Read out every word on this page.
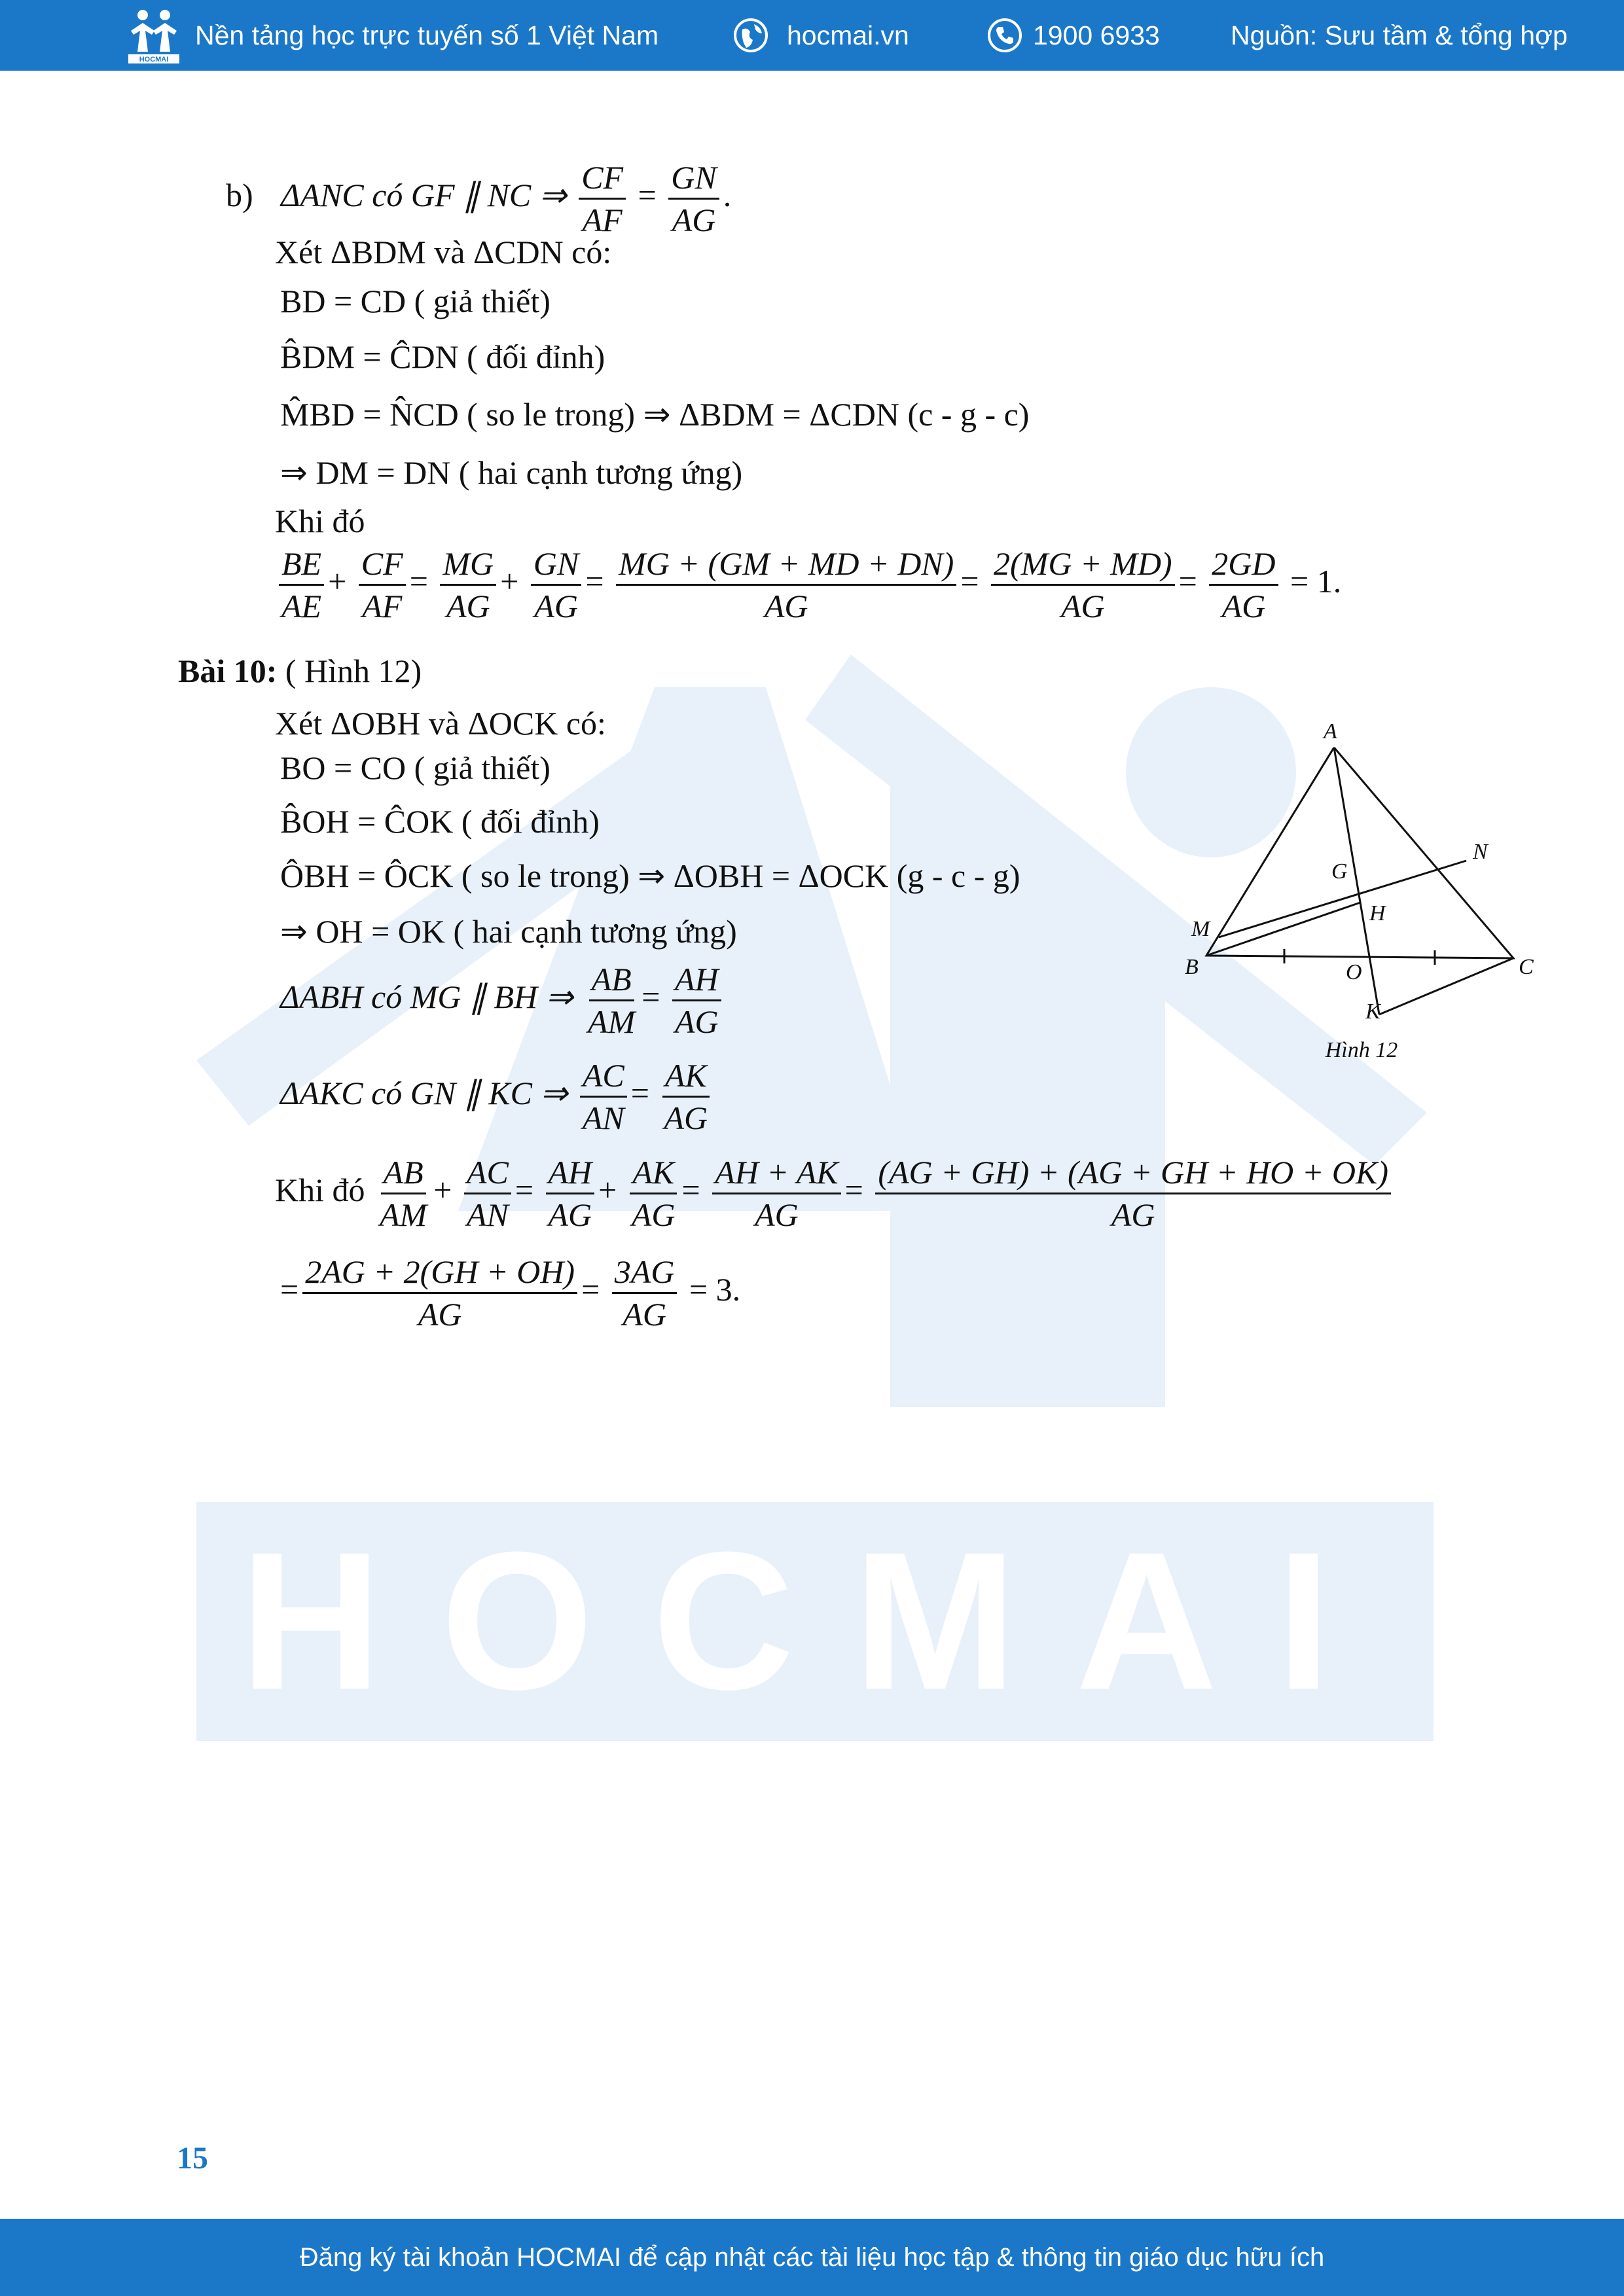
HOCMAI
HOCMAI
Nền tảng học trực tuyến số 1 Việt Nam	hocmai.vn	1900 6933	Nguồn: Sưu tầm & tổng hợp
b) ΔANC có GF ∥ NC ⇒ $\frac{CF}{AF} = \frac{GN}{AG}$ .
Xét ΔBDM và ΔCDN có:
BD = CD ( giả thiết)
B̂DM = ĈDN ( đối đỉnh)
M̂BD = N̂CD ( so le trong) ⇒ ΔBDM = ΔCDN (c - g - c)
⇒ DM = DN ( hai cạnh tương ứng)
Khi đó
$\frac{BE}{AE} + \frac{CF}{AF} = \frac{MG}{AG} + \frac{GN}{AG} = \frac{MG + (GM + MD + DN)}{AG} = \frac{2(MG + MD)}{AG} = \frac{2GD}{AG} = 1$.
Bài 10: ( Hình 12)
Xét ΔOBH và ΔOCK có:
BO = CO ( giả thiết)
B̂OH = ĈOK ( đối đỉnh)
ÔBH = ÔCK ( so le trong) ⇒ ΔOBH = ΔOCK (g - c - g)
⇒ OH = OK ( hai cạnh tương ứng)
ΔABH có MG ∥ BH ⇒ $\frac{AB}{AM} = \frac{AH}{AG}$
ΔAKC có GN ∥ KC ⇒ $\frac{AC}{AN} = \frac{AK}{AG}$
Khi đó $\frac{AB}{AM} + \frac{AC}{AN} = \frac{AH}{AG} + \frac{AK}{AG} = \frac{AH + AK}{AG} = \frac{(AG + GH) + (AG + GH + HO + OK)}{AG}$
= $\frac{2AG + 2(GH + OH)}{AG} = \frac{3AG}{AG} = 3$.
A
B	C
M
N
G
H
O
K
Hình 12
15
Đăng ký tài khoản HOCMAI để cập nhật các tài liệu học tập & thông tin giáo dục hữu ích
